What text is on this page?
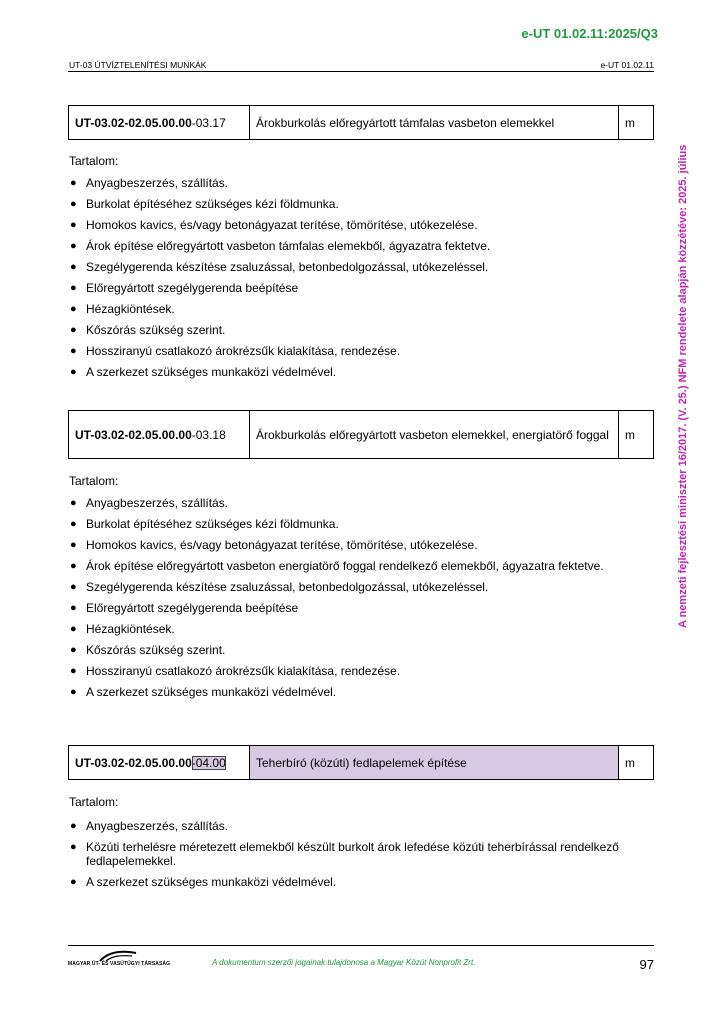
e-UT 01.02.11:2025/Q3
UT-03 ÚTVÍZTELENÍTÉSI MUNKÁK	e-UT 01.02.11
A nemzeti fejlesztési miniszter 16/2017. (V. 25.) NFM rendelete alapján közzétéve: 2025. július
UT-03.02-02.05.00.00-03.17	Árokburkolás előregyártott támfalas vasbeton elemekkel	m
Tartalom:
● Anyagbeszerzés, szállítás.
● Burkolat építéséhez szükséges kézi földmunka.
● Homokos kavics, és/vagy betonágyazat terítése, tömörítése, utókezelése.
● Árok építése előregyártott vasbeton támfalas elemekből, ágyazatra fektetve.
● Szegélygerenda készítése zsaluzással, betonbedolgozással, utókezeléssel.
● Előregyártott szegélygerenda beépítése
● Hézagkiöntések.
● Kőszórás szükség szerint.
● Hossziranyú csatlakozó árokrézsűk kialakítása, rendezése.
● A szerkezet szükséges munkaközi védelmével.
UT-03.02-02.05.00.00-03.18	Árokburkolás előregyártott vasbeton elemekkel, energiatörő foggal	m
Tartalom:
● Anyagbeszerzés, szállítás.
● Burkolat építéséhez szükséges kézi földmunka.
● Homokos kavics, és/vagy betonágyazat terítése, tömörítése, utókezelése.
● Árok építése előregyártott vasbeton energiatörő foggal rendelkező elemekből, ágyazatra fektetve.
● Szegélygerenda készítése zsaluzással, betonbedolgozással, utókezeléssel.
● Előregyártott szegélygerenda beépítése
● Hézagkiöntések.
● Kőszórás szükség szerint.
● Hossziranyú csatlakozó árokrézsűk kialakítása, rendezése.
● A szerkezet szükséges munkaközi védelmével.
UT-03.02-02.05.00.00-04.00	Teherbíró (közúti) fedlapelemek építése	m
Tartalom:
● Anyagbeszerzés, szállítás.
● Közúti terhelésre méretezett elemekből készült burkolt árok lefedése közúti teherbírással rendelkező fedlapelemekkel.
● A szerkezet szükséges munkaközi védelmével.
MAGYAR ÚT- ÉS VASÚTÜGYI TÁRSASÁG	A dokumentum szerzői jogainak tulajdonosa a Magyar Közút Nonprofit Zrt.	97
